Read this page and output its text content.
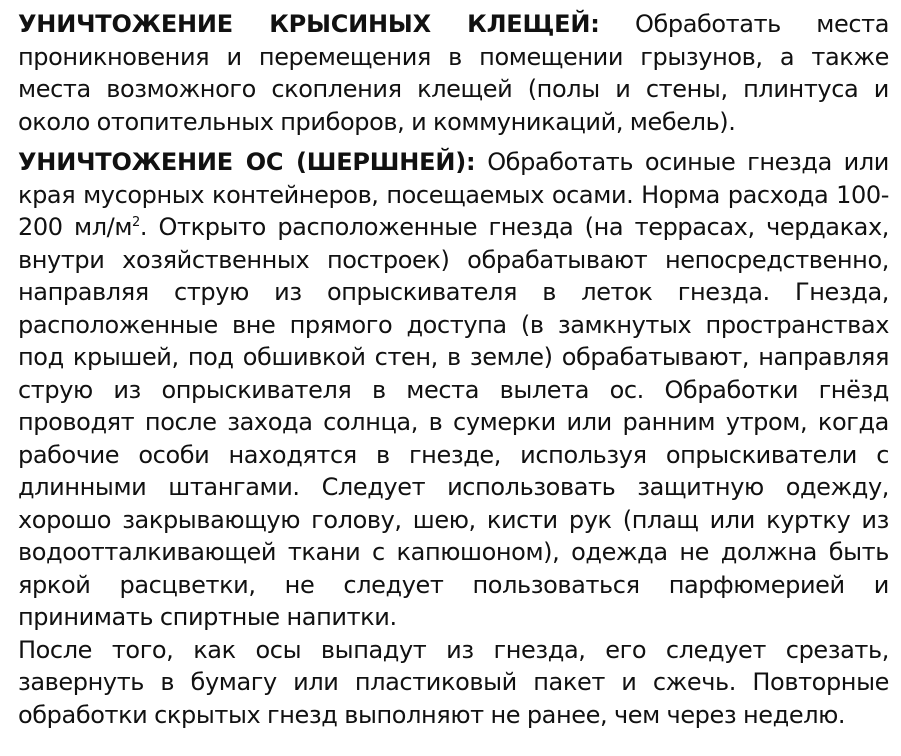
УНИЧТОЖЕНИЕ КРЫСИНЫХ КЛЕЩЕЙ: Обработать места проникновения и перемещения в помещении грызунов, а также места возможного скопления клещей (полы и стены, плинтуса и около отопительных приборов, и коммуникаций, мебель).

УНИЧТОЖЕНИЕ ОС (ШЕРШНЕЙ): Обработать осиные гнезда или края мусорных контейнеров, посещаемых осами. Норма расхода 100-200 $мл/м^2$. Открыто расположенные гнезда (на террасах, чердаках, внутри хозяйственных построек) обрабатывают непосредственно, направляя струю из опрыскивателя в леток гнезда. Гнезда, расположенные вне прямого доступа (в замкнутых пространствах под крышей, под обшивкой стен, в земле) обрабатывают, направляя струю из опрыскивателя в места вылета ос. Обработки гнёзд проводят после захода солнца, в сумерки или ранним утром, когда рабочие особи находятся в гнезде, используя опрыскиватели с длинными штангами. Следует использовать защитную одежду, хорошо закрывающую голову, шею, кисти рук (плащ или куртку из водоотталкивающей ткани с капюшоном), одежда не должна быть яркой расцветки, не следует пользоваться парфюмерией и принимать спиртные напитки.

После того, как осы выпадут из гнезда, его следует срезать, завернуть в бумагу или пластиковый пакет и сжечь. Повторные обработки скрытых гнезд выполняют не ранее, чем через неделю.
